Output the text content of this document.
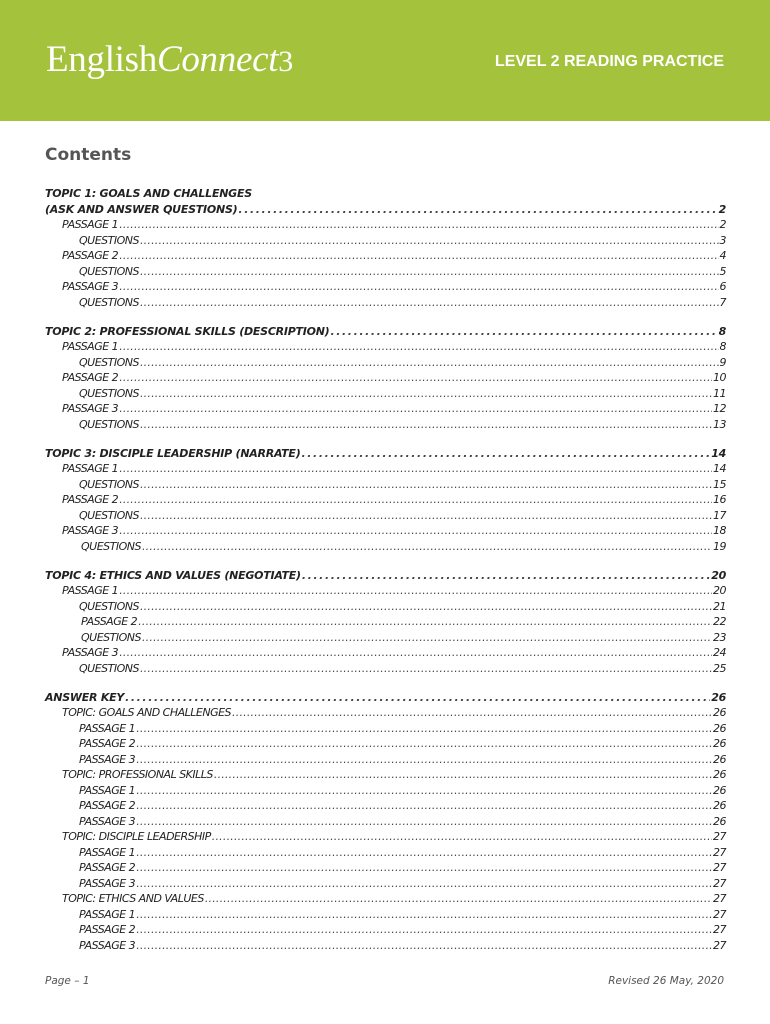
EnglishConnect3	LEVEL 2 READING PRACTICE
Contents
TOPIC 1: GOALS AND CHALLENGES
(ASK AND ANSWER QUESTIONS) .....	2
PASSAGE 1 .....	2
QUESTIONS .....	3
PASSAGE 2 .....	4
QUESTIONS .....	5
PASSAGE 3 .....	6
QUESTIONS .....	7
TOPIC 2: PROFESSIONAL SKILLS (DESCRIPTION) .....	8
PASSAGE 1 .....	8
QUESTIONS .....	9
PASSAGE 2 .....	10
QUESTIONS .....	11
PASSAGE 3 .....	12
QUESTIONS .....	13
TOPIC 3: DISCIPLE LEADERSHIP (NARRATE) .....	14
PASSAGE 1 .....	14
QUESTIONS .....	15
PASSAGE 2 .....	16
QUESTIONS .....	17
PASSAGE 3 .....	18
QUESTIONS .....	19
TOPIC 4: ETHICS AND VALUES (NEGOTIATE) .....	20
PASSAGE 1 .....	20
QUESTIONS .....	21
PASSAGE 2 .....	22
QUESTIONS .....	23
PASSAGE 3 .....	24
QUESTIONS .....	25
ANSWER KEY .....	26
TOPIC: GOALS AND CHALLENGES .....	26
PASSAGE 1 .....	26
PASSAGE 2 .....	26
PASSAGE 3 .....	26
TOPIC: PROFESSIONAL SKILLS .....	26
PASSAGE 1 .....	26
PASSAGE 2 .....	26
PASSAGE 3 .....	26
TOPIC: DISCIPLE LEADERSHIP .....	27
PASSAGE 1 .....	27
PASSAGE 2 .....	27
PASSAGE 3 .....	27
TOPIC: ETHICS AND VALUES .....	27
PASSAGE 1 .....	27
PASSAGE 2 .....	27
PASSAGE 3 .....	27
Page – 1	Revised 26 May, 2020
